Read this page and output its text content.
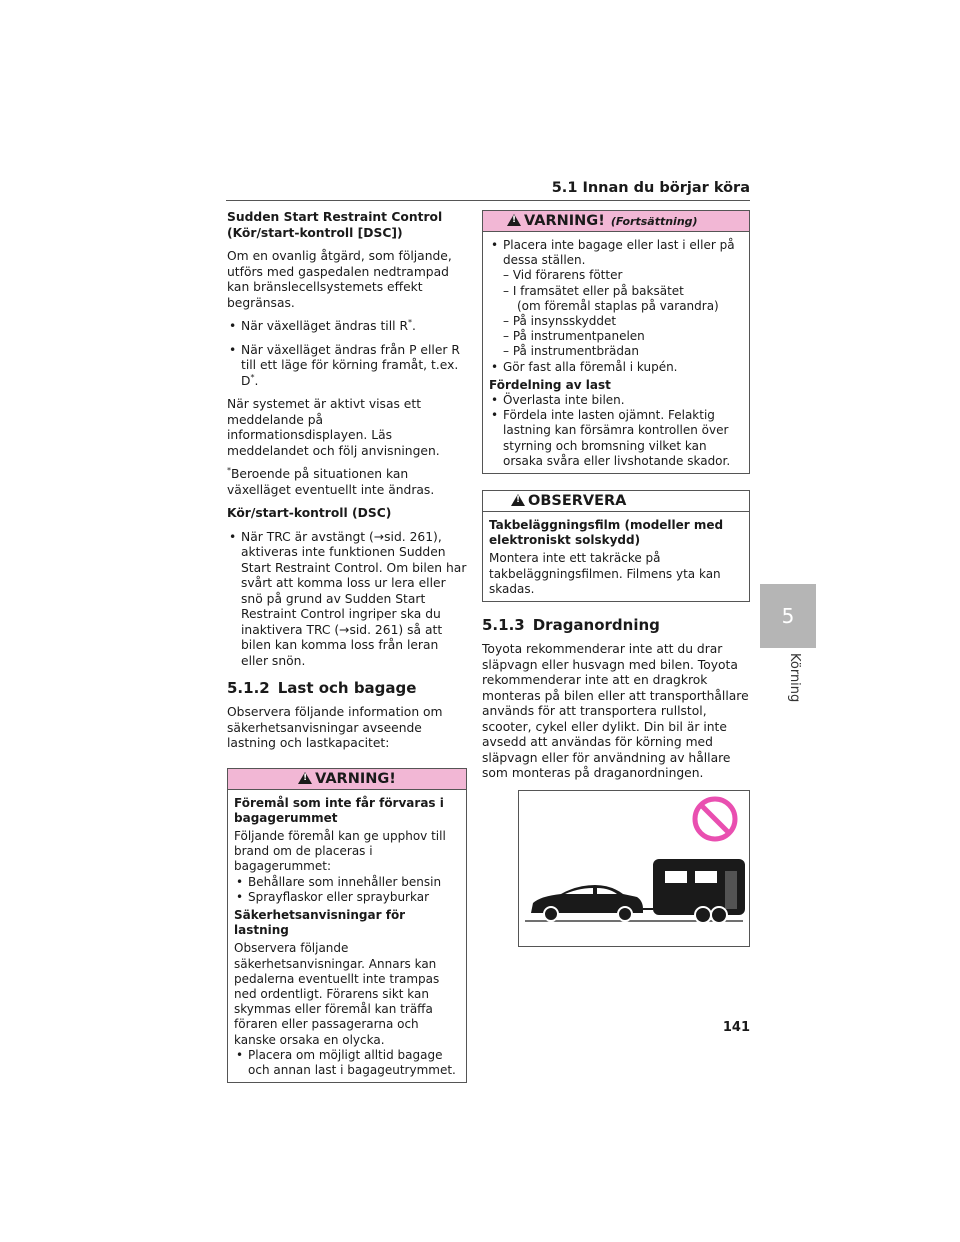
5.1 Innan du börjar köra

Sudden Start Restraint Control

(Kör/start-kontroll [DSC])

Om en ovanlig åtgärd, som följande, utförs med gaspedalen nedtrampad kan bränslecellsystemets effekt begränsas.

• När växelläget ändras till R*.
• När växelläget ändras från P eller R till ett läge för körning framåt, t.ex. D*.

När systemet är aktivt visas ett meddelande på informationsdisplayen. Läs meddelandet och följ anvisningen.

*Beroende på situationen kan växelläget eventuellt inte ändras.

Kör/start-kontroll (DSC)

• När TRC är avstängt (→sid. 261), aktiveras inte funktionen Sudden Start Restraint Control. Om bilen har svårt att komma loss ur lera eller snö på grund av Sudden Start Restraint Control ingriper ska du inaktivera TRC (→sid. 261) så att bilen kan komma loss från leran eller snön.
5.1.2 Last och bagage

Observera följande information om säkerhetsanvisningar avseende lastning och lastkapacitet:

!VARNING!

Föremål som inte får förvaras i bagagerummet

Följande föremål kan ge upphov till brand om de placeras i bagagerummet:

• Behållare som innehåller bensin
• Sprayflaskor eller sprayburkar

Säkerhetsanvisningar för lastning

Observera följande säkerhetsanvisningar. Annars kan pedalerna eventuellt inte trampas ned ordentligt. Förarens sikt kan skymmas eller föremål kan träffa föraren eller passagerarna och kanske orsaka en olycka.

• Placera om möjligt alltid bagage och annan last i bagageutrymmet.
!VARNING! (Fortsättning)
• Placera inte bagage eller last i eller på dessa ställen.

– Vid förarens fötter

– I framsätet eller på baksätet

(om föremål staplas på varandra)

– På insynsskyddet

– På instrumentpanelen

– På instrumentbrädan

• Gör fast alla föremål i kupén.

Fördelning av last

• Överlasta inte bilen.
• Fördela inte lasten ojämnt. Felaktig lastning kan försämra kontrollen över styrning och bromsning vilket kan orsaka svåra eller livshotande skador.
!OBSERVERA

Takbeläggningsfilm (modeller med elektroniskt solskydd)

Montera inte ett takräcke på takbeläggningsfilmen. Filmens yta kan skadas.

5.1.3 Draganordning

Toyota rekommenderar inte att du drar släpvagn eller husvagn med bilen. Toyota rekommenderar inte att en dragkrok monteras på bilen eller att transporthållare används för att transportera rullstol, scooter, cykel eller dylikt. Din bil är inte avsedd att användas för körning med släpvagn eller för användning av hållare som monteras på draganordningen.

5
Körning
141
